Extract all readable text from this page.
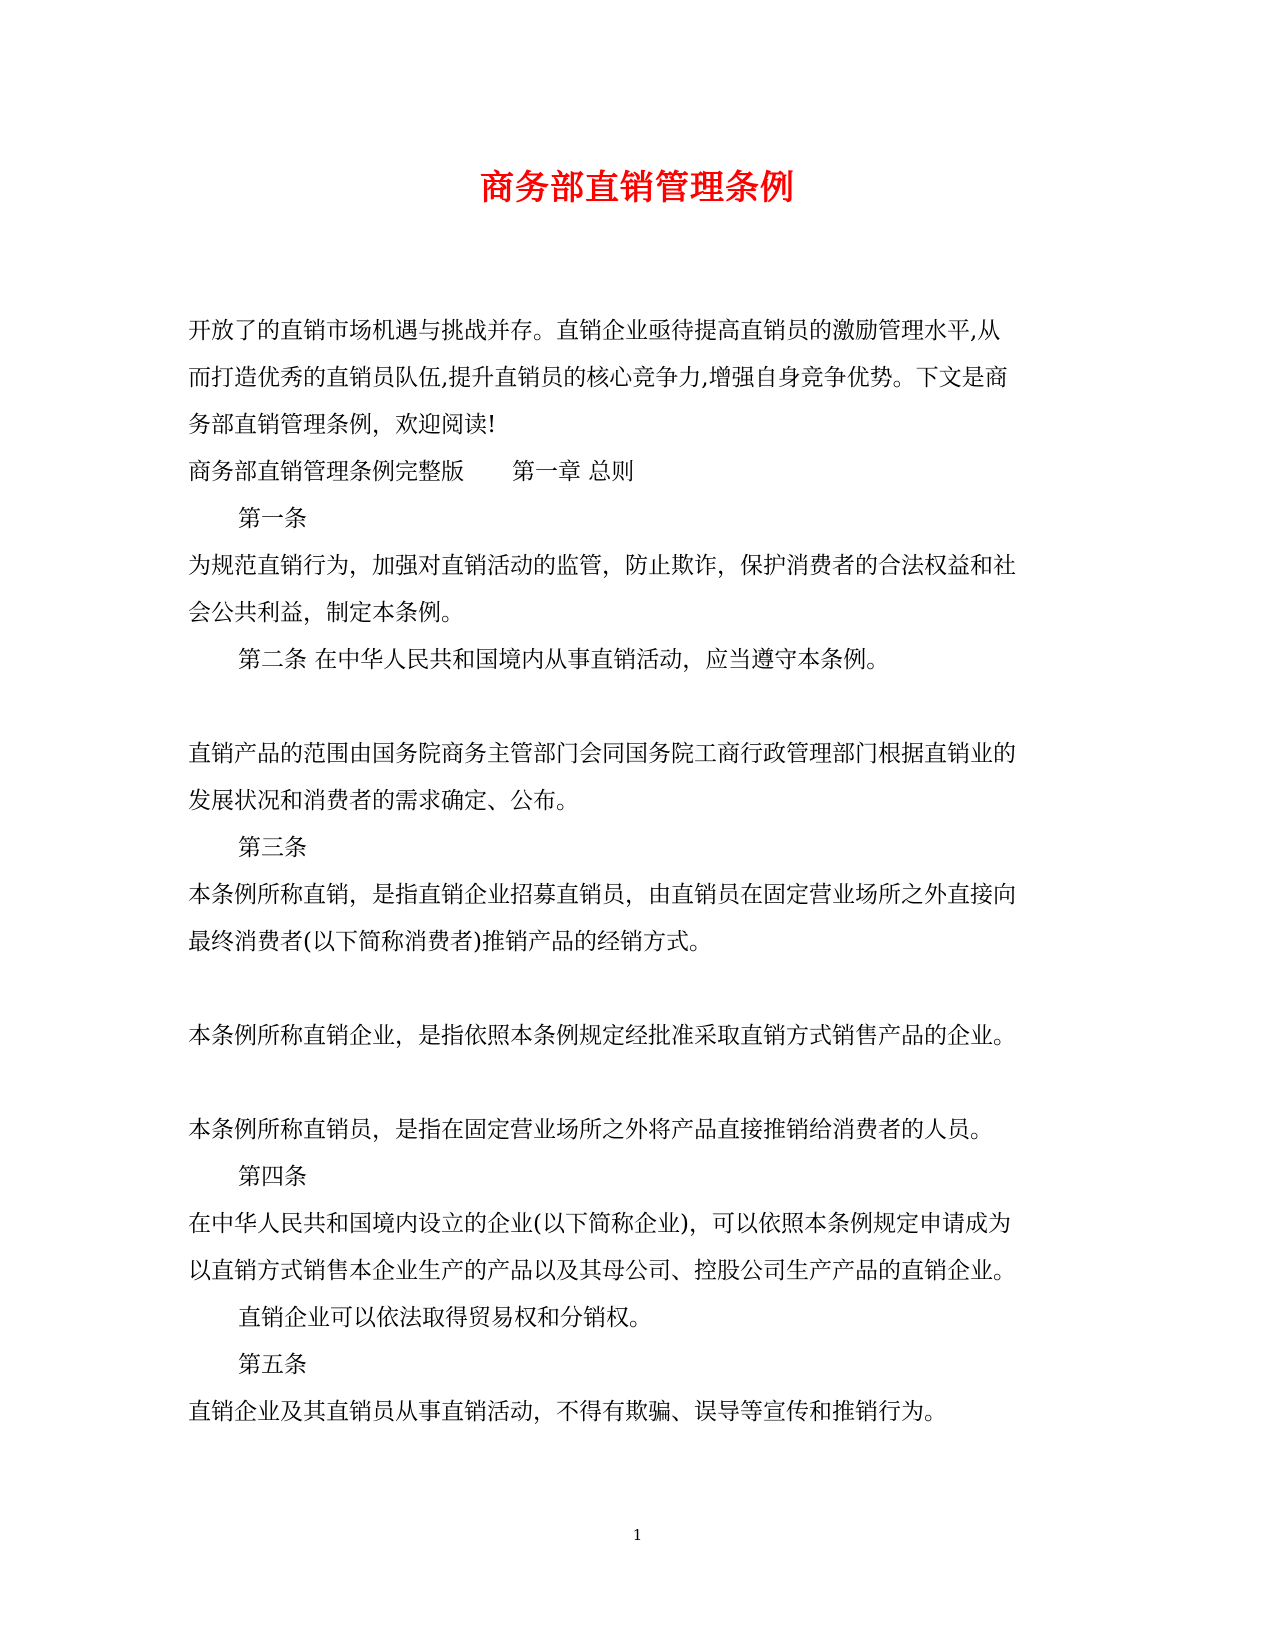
商务部直销管理条例
开放了的直销市场机遇与挑战并存。直销企业亟待提高直销员的激励管理水平,从
而打造优秀的直销员队伍,提升直销员的核心竞争力,增强自身竞争优势。下文是商
务部直销管理条例，欢迎阅读!
商务部直销管理条例完整版 第一章 总则
第一条
为规范直销行为，加强对直销活动的监管，防止欺诈，保护消费者的合法权益和社
会公共利益，制定本条例。
第二条 在中华人民共和国境内从事直销活动，应当遵守本条例。
直销产品的范围由国务院商务主管部门会同国务院工商行政管理部门根据直销业的
发展状况和消费者的需求确定、公布。
第三条
本条例所称直销，是指直销企业招募直销员，由直销员在固定营业场所之外直接向
最终消费者(以下简称消费者)推销产品的经销方式。
本条例所称直销企业，是指依照本条例规定经批准采取直销方式销售产品的企业。
本条例所称直销员，是指在固定营业场所之外将产品直接推销给消费者的人员。
第四条
在中华人民共和国境内设立的企业(以下简称企业)，可以依照本条例规定申请成为
以直销方式销售本企业生产的产品以及其母公司、控股公司生产产品的直销企业。
直销企业可以依法取得贸易权和分销权。
第五条
直销企业及其直销员从事直销活动，不得有欺骗、误导等宣传和推销行为。
1
